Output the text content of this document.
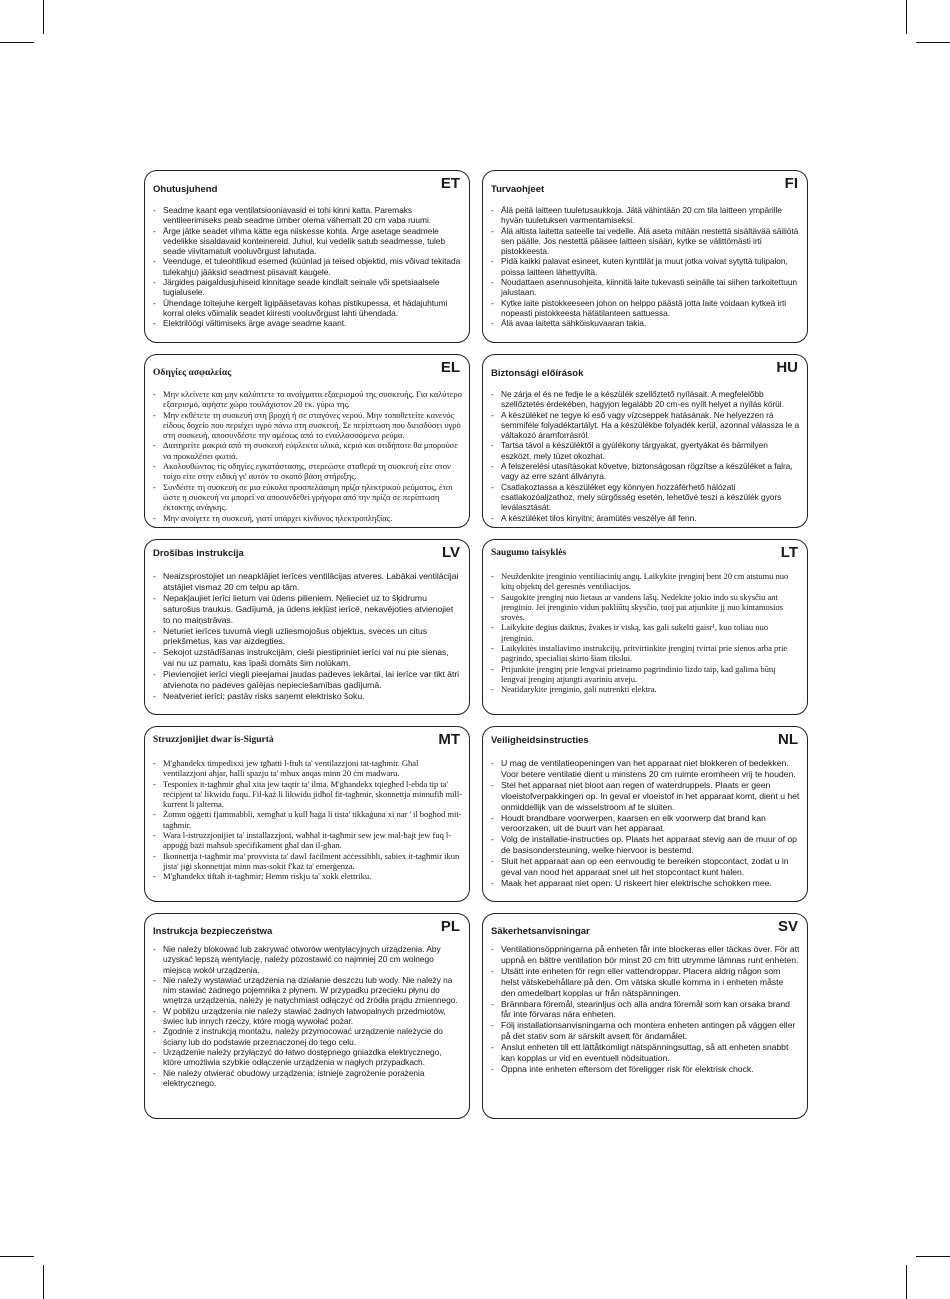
Ohutusjuhend	ET
- Seadme kaant ega ventilatsiooniavasid ei tohi kinni katta. Paremaks ventileerimiseks peab seadme ümber olema vähemalt 20 cm vaba ruumi.
- Ärge jätke seadet vihma kätte ega niiskesse kohta. Ärge asetage seadmele vedelikke sisaldavaid konteinereid. Juhul, kui vedelik satub seadmesse, tuleb seade viivitamatult vooluvõrgust lahutada.
- Veenduge, et tuleohtlikud esemed (küünlad ja teised objektid, mis võivad tekitada tulekahju) jääksid seadmest piisavalt kaugele.
- Järgides paigaldusjuhiseid kinnitage seade kindlalt seinale või spetsiaalsele tugialusele.
- Ühendage toitejuhe kergelt ligipääsetavas kohas pistikupessa, et hädajuhtumi korral oleks võimalik seadet kiiresti vooluvõrgust lahti ühendada.
- Elektrilöögi vältimiseks ärge avage seadme kaant.
Turvaohjeet	FI
- Älä peitä laitteen tuuletusaukkoja. Jätä vähintään 20 cm tila laitteen ympärille hyvän tuuletuksen varmentamiseksi.
- Älä altista laitetta sateelle tai vedelle. Älä aseta mitään nestettä sisältävää säiliötä sen päälle. Jos nestettä pääsee laitteen sisään, kytke se välittömästi irti pistokkeesta.
- Pidä kaikki palavat esineet, kuten kynttilät ja muut jotka voivat sytyttä tulipalon, poissa laitteen lähettyviltä.
- Noudattaen asennusohjeita, kiinnitä laite tukevasti seinälle tai siihen tarkoitettuun jalustaan.
- Kytke laite pistokkeeseen johon on helppo päästä jotta laite voidaan kytkeä irti nopeasti pistokkeesta hätätilanteen sattuessa.
- Älä avaa laitetta sähköiskuvaaran takia.
Οδηγίες ασφαλείας	EL
- Μην κλείνετε και μην καλύπτετε τα ανοίγματα εξαερισμού της συσκευής. Για καλύτερο εξαερισμό, αφήστε χώρο τουλάχιστον 20 εκ. γύρω της.
- Μην εκθέτετε τη συσκευή στη βροχή ή σε σταγόνες νερού. Μην τοποθετείτε κανενός είδους δοχείο που περιέχει υγρό πάνω στη συσκευή. Σε περίπτωση που διεισδύσει υγρό στη συσκευή, αποσυνδέστε την αμέσως από το εναλλασσόμενο ρεύμα.
- Διατηρείτε μακριά από τη συσκευή εύφλεκτα υλικά, κεριά και οτιδήποτε θα μπορούσε να προκαλέσει φωτιά.
- Ακολουθώντας τις οδηγίες εγκατάστασης, στερεώστε σταθερά τη συσκευή είτε στον τοίχο είτε στην ειδική γι' αυτόν το σκοπό βάση στήριξης.
- Συνδέστε τη συσκευή σε μια εύκολα προσπελάσιμη πρίζα ηλεκτρικού ρεύματος, έτσι ώστε η συσκευή να μπορεί να αποσυνδεθεί γρήγορα από την πρίζα σε περίπτωση έκτακτης ανάγκης.
- Μην ανοίγετε τη συσκευή, γιατί υπάρχει κίνδυνος ηλεκτροπληξίας.
Biztonsági előírások	HU
- Ne zárja el és ne fedje le a készülék szellőztető nyílásait. A megfelelőbb szellőztetés érdekében, hagyjon legalább 20 cm-es nyílt helyet a nyílás körül.
- A készüléket ne tegye ki eső vagy vízcseppek hatásának. Ne helyezzen rá semmiféle folyadéktartályt. Ha a készülékbe folyadék kerül, azonnal válassza le a váltakozó áramforrásról.
- Tartsa távol a készüléktől a gyúlékony tárgyakat, gyertyákat és bármilyen eszközt, mely tüzet okozhat.
- A felszerelési utasításokat követve, biztonságosan rögzítse a készüléket a falra, vagy az erre szánt állványra.
- Csatlakoztassa a készüléket egy könnyen hozzáférhető hálózati csatlakozóaljzathoz, mely sürgősség esetén, lehetővé teszi a készülék gyors leválasztását.
- A készüléket tilos kinyitni; áramütés veszélye áll fenn.
Drošības instrukcija	LV
- Neaizsprostojiet un neapklājiet ierīces ventilācijas atveres. Labākai ventilācijai atstājiet vismaz 20 cm telpu ap tām.
- Nepakļaujiet ierīci lietum vai ūdens pilieniem. Nelieciet uz to šķidrumu saturošus traukus. Gadījumā, ja ūdens iekļūst ierīcē, nekavējoties atvienojiet to no maiņstrāvas.
- Neturiet ierīces tuvumā viegli uzliesmojošus objektus, sveces un citus priekšmetus, kas var aizdegties.
- Sekojot uzstādīšanas instrukcijām, cieši piestipriniet ierīci vai nu pie sienas, vai nu uz pamatu, kas īpaši domāts šim nolūkam.
- Pievienojiet ierīci viegli pieejamai jaudas padeves iekārtai, lai ierīce var tikt ātri atvienota no padeves gaīējas nepieciešamības gadījumā.
- Neatveriet ierīci; pastāv risks saņemt elektrisko šoku.
Saugumo taisyklės	LT
- Neuždenkite įrenginio ventiliacinių angų. Laikykite įrenginį bent 20 cm atstumu nuo kitų objektų del geresnės ventiliacijos.
- Saugokite įrenginį nuo lietaus ar vandens lašų. Nedėkite jokio indo su skysčiu ant įrenginio. Jei įrenginio vidun pakliūtų skysčio, tuoj pat atjunkite jį nuo kintamosios srovės.
- Laikykite degius daiktus, žvakes ir viską, kas gali sukelti gaisr¹, kuo toliau nuo įrenginio.
- Laikykitės instaliavimo instrukcijų, pritvirtinkite įrenginį tvirtai prie sienos arba prie pagrindo, specialiai skirto šiam tikslui.
- Prijunkite įrenginį prie lengvai prieinamo pagrindinio lizdo taip, kad galima būtų lengvai įrenginį atjungti avariniu atveju.
- Neatidarykite įrenginio, gali nutrenkti elektra.
Struzzjonijiet dwar is-Sigurtà	MT
- M'għandekx timpedixxi jew tgħatti l-ftuħ ta' ventilazzjoni tat-tagħmir. Għal ventilazzjoni aħjar, ħalli spazju ta' mhux anqas minn 20 ċm madwaru.
- Tesponiex it-tagħmir għal xita jew taqtir ta' ilma. M'għandekx tqiegħed l-ebda tip ta' reċipjent ta' likwidu fuqu. Fil-każ li likwidu jidħol fit-tagħmir, skonnettja minnufiħ mill-kurrent li jalterna.
- Żomm oġġetti fjammabbli, xemgħat u kull ħaġa li tista' tikkaġuna xi nar ' il bogħod mit-tagħmir.
- Wara l-istruzzjonijiet ta' installazzjoni, waħħal it-tagħmir sew jew mal-ħajt jew fuq l-appoġġ bażi maħsub speċifikament għal dan il-għan.
- Ikonnettja t-tagħmir ma' provvista ta' dawl faċilment aċċessibbli, sabiex it-tagħmir ikun jista' jiġi skonnettjat minn mas-sokit f'każ ta' emerġenza.
- M'għandekx tiftaħ it-tagħmir; Hemm riskju ta' xokk elettriku.
Veiligheidsinstructies	NL
- U mag de ventilatieopeningen van het apparaat niet blokkeren of bedekken. Voor betere ventilatie dient u minstens 20 cm ruimte eromheen vrij te houden.
- Stel het apparaat niet bloot aan regen of waterdruppels. Plaats er geen vloeistofverpakkingen op. In geval er vloeistof in het apparaat komt, dient u het onmiddellijk van de wisselstroom af te sluiten.
- Houdt brandbare voorwerpen, kaarsen en elk voorwerp dat brand kan veroorzaken, uit de buurt van het apparaat.
- Volg de installatie-instructies op. Plaats het apparaat stevig aan de muur of op de basisondersteuning, welke hiervoor is bestemd.
- Sluit het apparaat aan op een eenvoudig te bereiken stopcontact, zodat u in geval van nood het apparaat snel uit het stopcontact kunt halen.
- Maak het apparaat niet open. U riskeert hier elektrische schokken mee.
Instrukcja bezpieczeństwa	PL
- Nie należy blokować lub zakrywać otworów wentylacyjnych urządzenia. Aby uzyskać lepszą wentylację, należy pozostawić co najmniej 20 cm wolnego miejsca wokół urządzenia.
- Nie należy wystawiać urządzenia na działanie deszczu lub wody. Nie należy na nim stawiać żadnego pojemnika z płynem. W przypadku przecieku płynu do wnętrza urządzenia, należy je natychmiast odłączyć od źródła prądu zmiennego.
- W pobliżu urządzenia nie należy stawiać żadnych łatwopalnych przedmiotów, świec lub innych rzeczy, które mogą wywołać pożar.
- Zgodnie z instrukcją montażu, należy przymocować urządzenie należycie do ściany lub do podstawie przeznaczonej do tego celu.
- Urządzenie należy przyłączyć do łatwo dostępnego gniazdka elektrycznego, które umożliwia szybkie odłączenie urządzenia w nagłych przypadkach.
- Nie należy otwierać obudowy urządzenia; istnieje zagrożenie porażenia elektrycznego.
Säkerhetsanvisningar	SV
- Ventilationsöppningarna på enheten får inte blockeras eller täckas över. För att uppnå en bättre ventilation bör minst 20 cm fritt utrymme lämnas runt enheten.
- Utsätt inte enheten för regn eller vattendroppar. Placera aldrig någon som helst vätskebehållare på den. Om vätska skulle komma in i enheten måste den omedelbart kopplas ur från nätspänningen.
- Brännbara föremål, stearinljus och alla andra föremål som kan orsaka brand får inte förvaras nära enheten.
- Följ installationsanvisningarna och montera enheten antingen på väggen eller på det stativ som är särskilt avsett för ändamålet.
- Anslut enheten till ett lättåtkomligt nätspänningsuttag, så att enheten snabbt kan kopplas ur vid en eventuell nödsituation.
- Öppna inte enheten eftersom det föreligger risk för elektrisk chock.
